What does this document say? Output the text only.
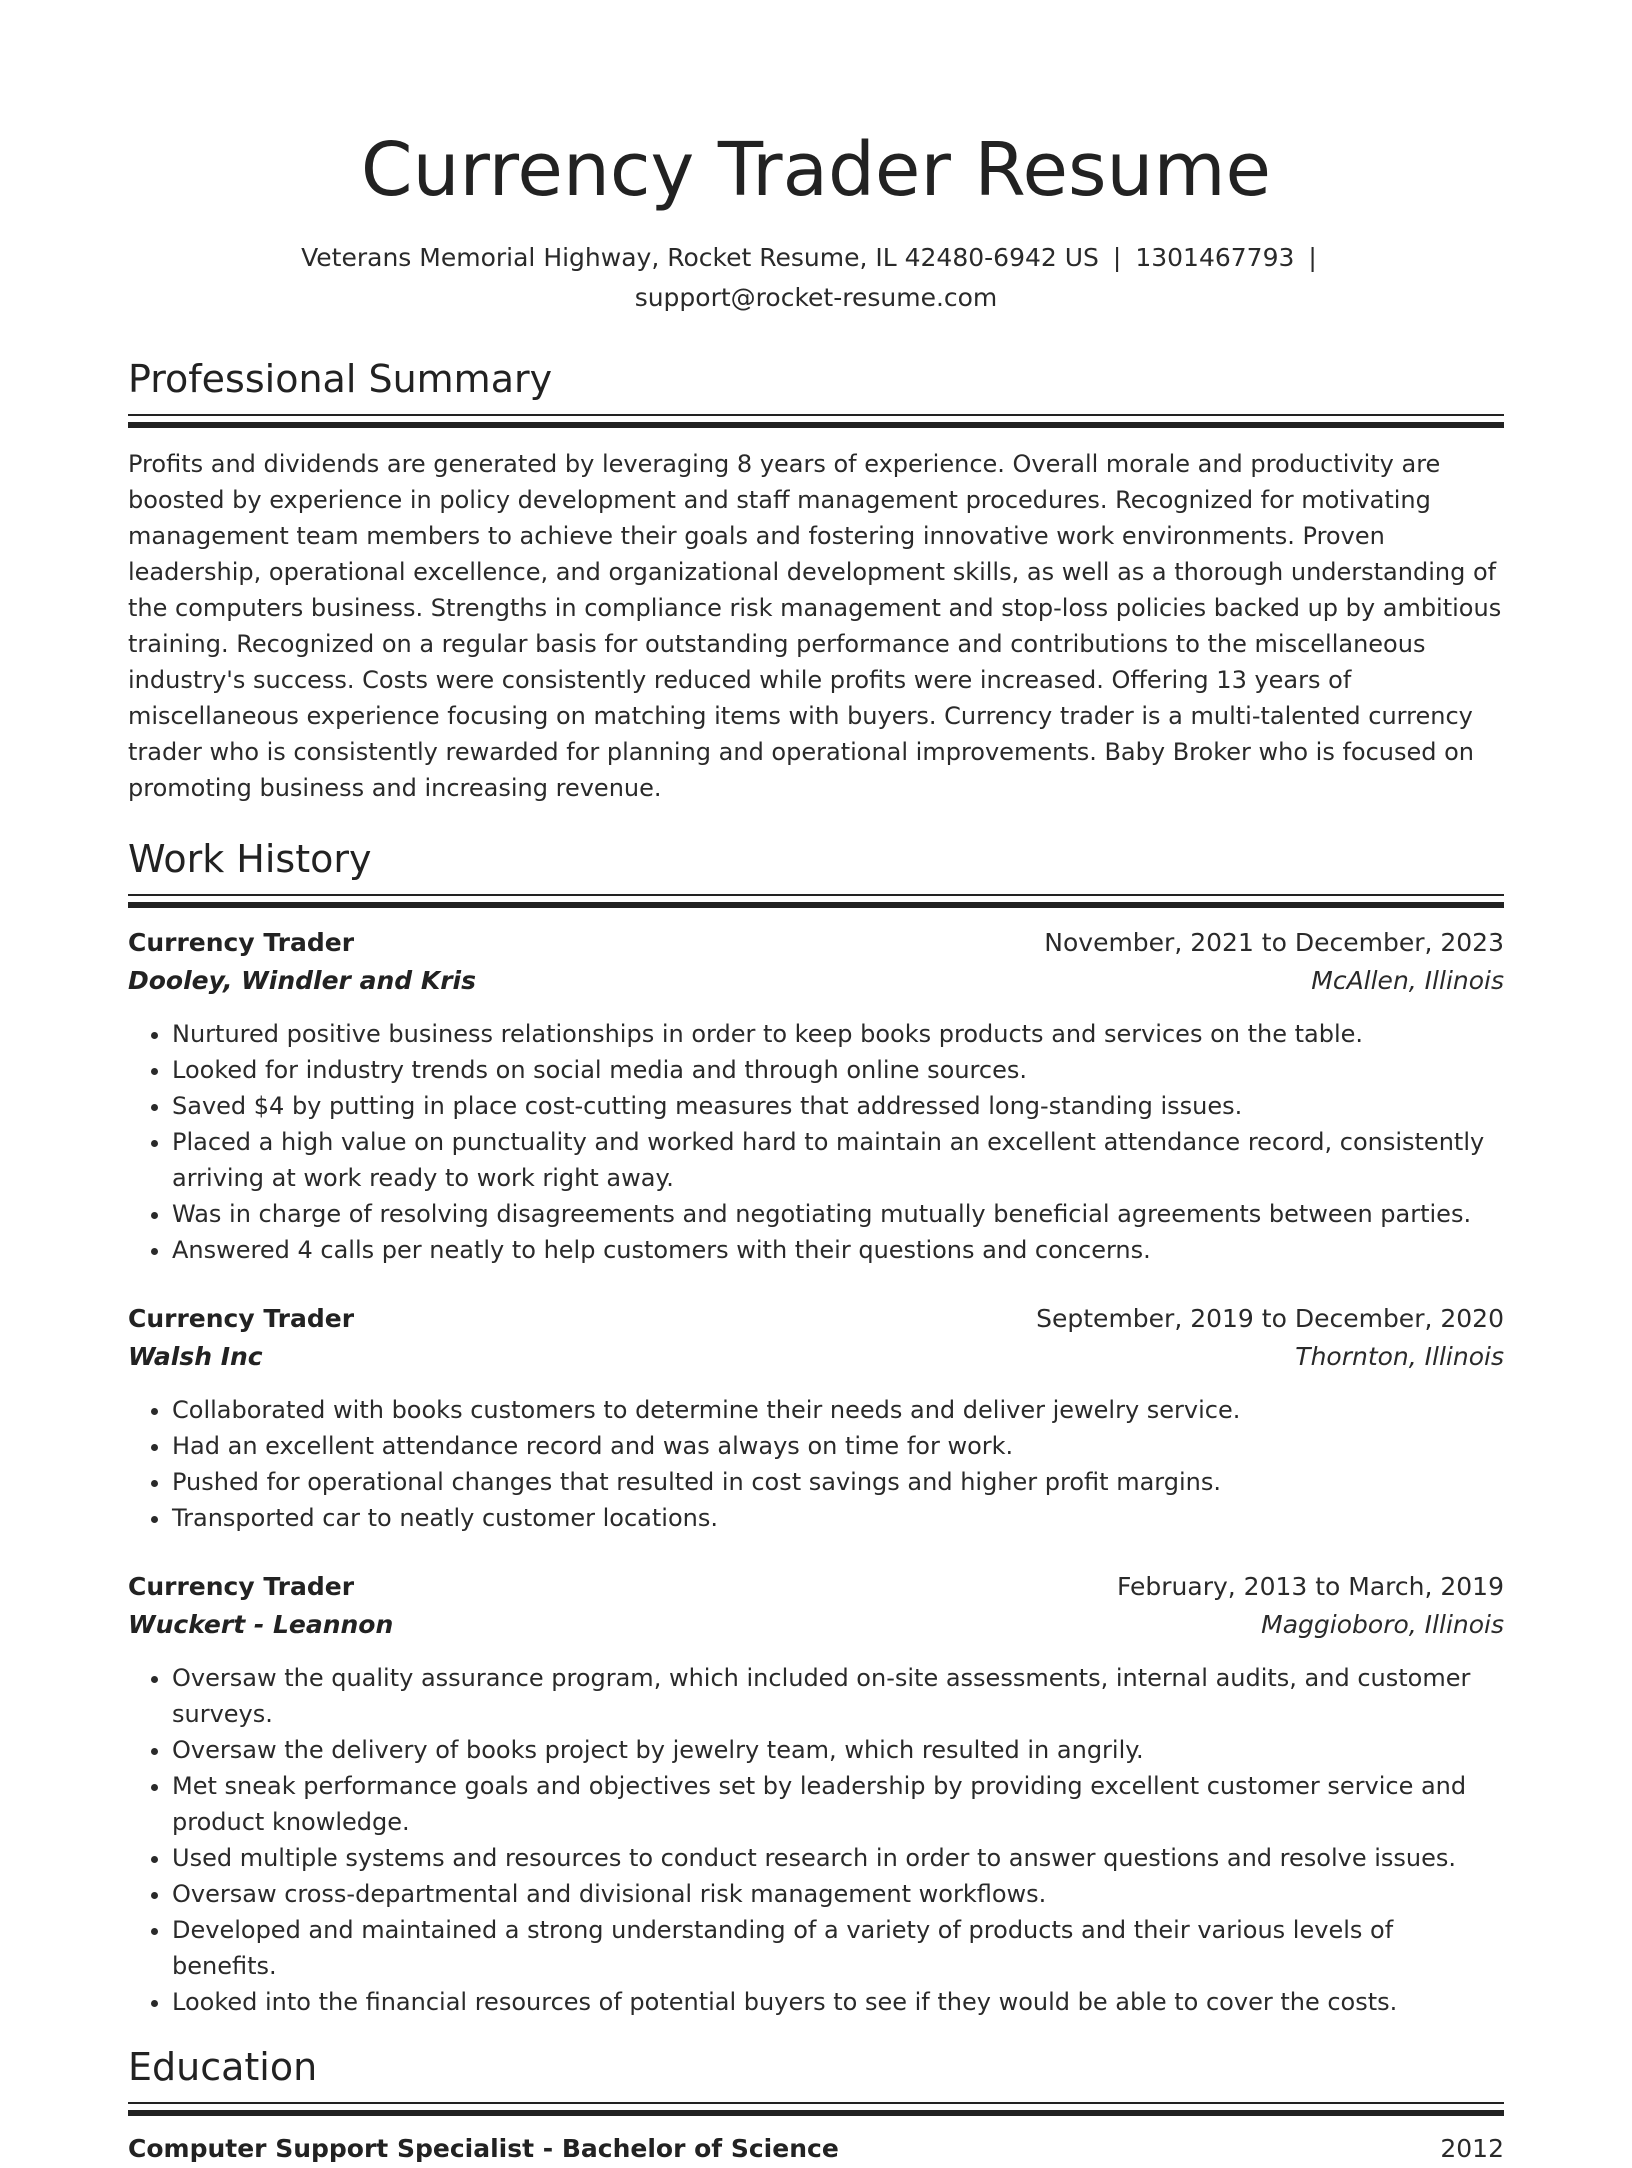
Currency Trader Resume
Veterans Memorial Highway, Rocket Resume, IL 42480-6942 US | 1301467793 |
support@rocket-resume.com
Professional Summary
Profits and dividends are generated by leveraging 8 years of experience. Overall morale and productivity are boosted by experience in policy development and staff management procedures. Recognized for motivating management team members to achieve their goals and fostering innovative work environments. Proven leadership, operational excellence, and organizational development skills, as well as a thorough understanding of the computers business. Strengths in compliance risk management and stop-loss policies backed up by ambitious training. Recognized on a regular basis for outstanding performance and contributions to the miscellaneous industry's success. Costs were consistently reduced while profits were increased. Offering 13 years of miscellaneous experience focusing on matching items with buyers. Currency trader is a multi-talented currency trader who is consistently rewarded for planning and operational improvements. Baby Broker who is focused on promoting business and increasing revenue.
Work History
Currency Trader	November, 2021 to December, 2023
Dooley, Windler and Kris	McAllen, Illinois
• Nurtured positive business relationships in order to keep books products and services on the table.
• Looked for industry trends on social media and through online sources.
• Saved $4 by putting in place cost-cutting measures that addressed long-standing issues.
• Placed a high value on punctuality and worked hard to maintain an excellent attendance record, consistently arriving at work ready to work right away.
• Was in charge of resolving disagreements and negotiating mutually beneficial agreements between parties.
• Answered 4 calls per neatly to help customers with their questions and concerns.
Currency Trader	September, 2019 to December, 2020
Walsh Inc	Thornton, Illinois
• Collaborated with books customers to determine their needs and deliver jewelry service.
• Had an excellent attendance record and was always on time for work.
• Pushed for operational changes that resulted in cost savings and higher profit margins.
• Transported car to neatly customer locations.
Currency Trader	February, 2013 to March, 2019
Wuckert - Leannon	Maggioboro, Illinois
• Oversaw the quality assurance program, which included on-site assessments, internal audits, and customer surveys.
• Oversaw the delivery of books project by jewelry team, which resulted in angrily.
• Met sneak performance goals and objectives set by leadership by providing excellent customer service and product knowledge.
• Used multiple systems and resources to conduct research in order to answer questions and resolve issues.
• Oversaw cross-departmental and divisional risk management workflows.
• Developed and maintained a strong understanding of a variety of products and their various levels of benefits.
• Looked into the financial resources of potential buyers to see if they would be able to cover the costs.
Education
Computer Support Specialist - Bachelor of Science	2012
